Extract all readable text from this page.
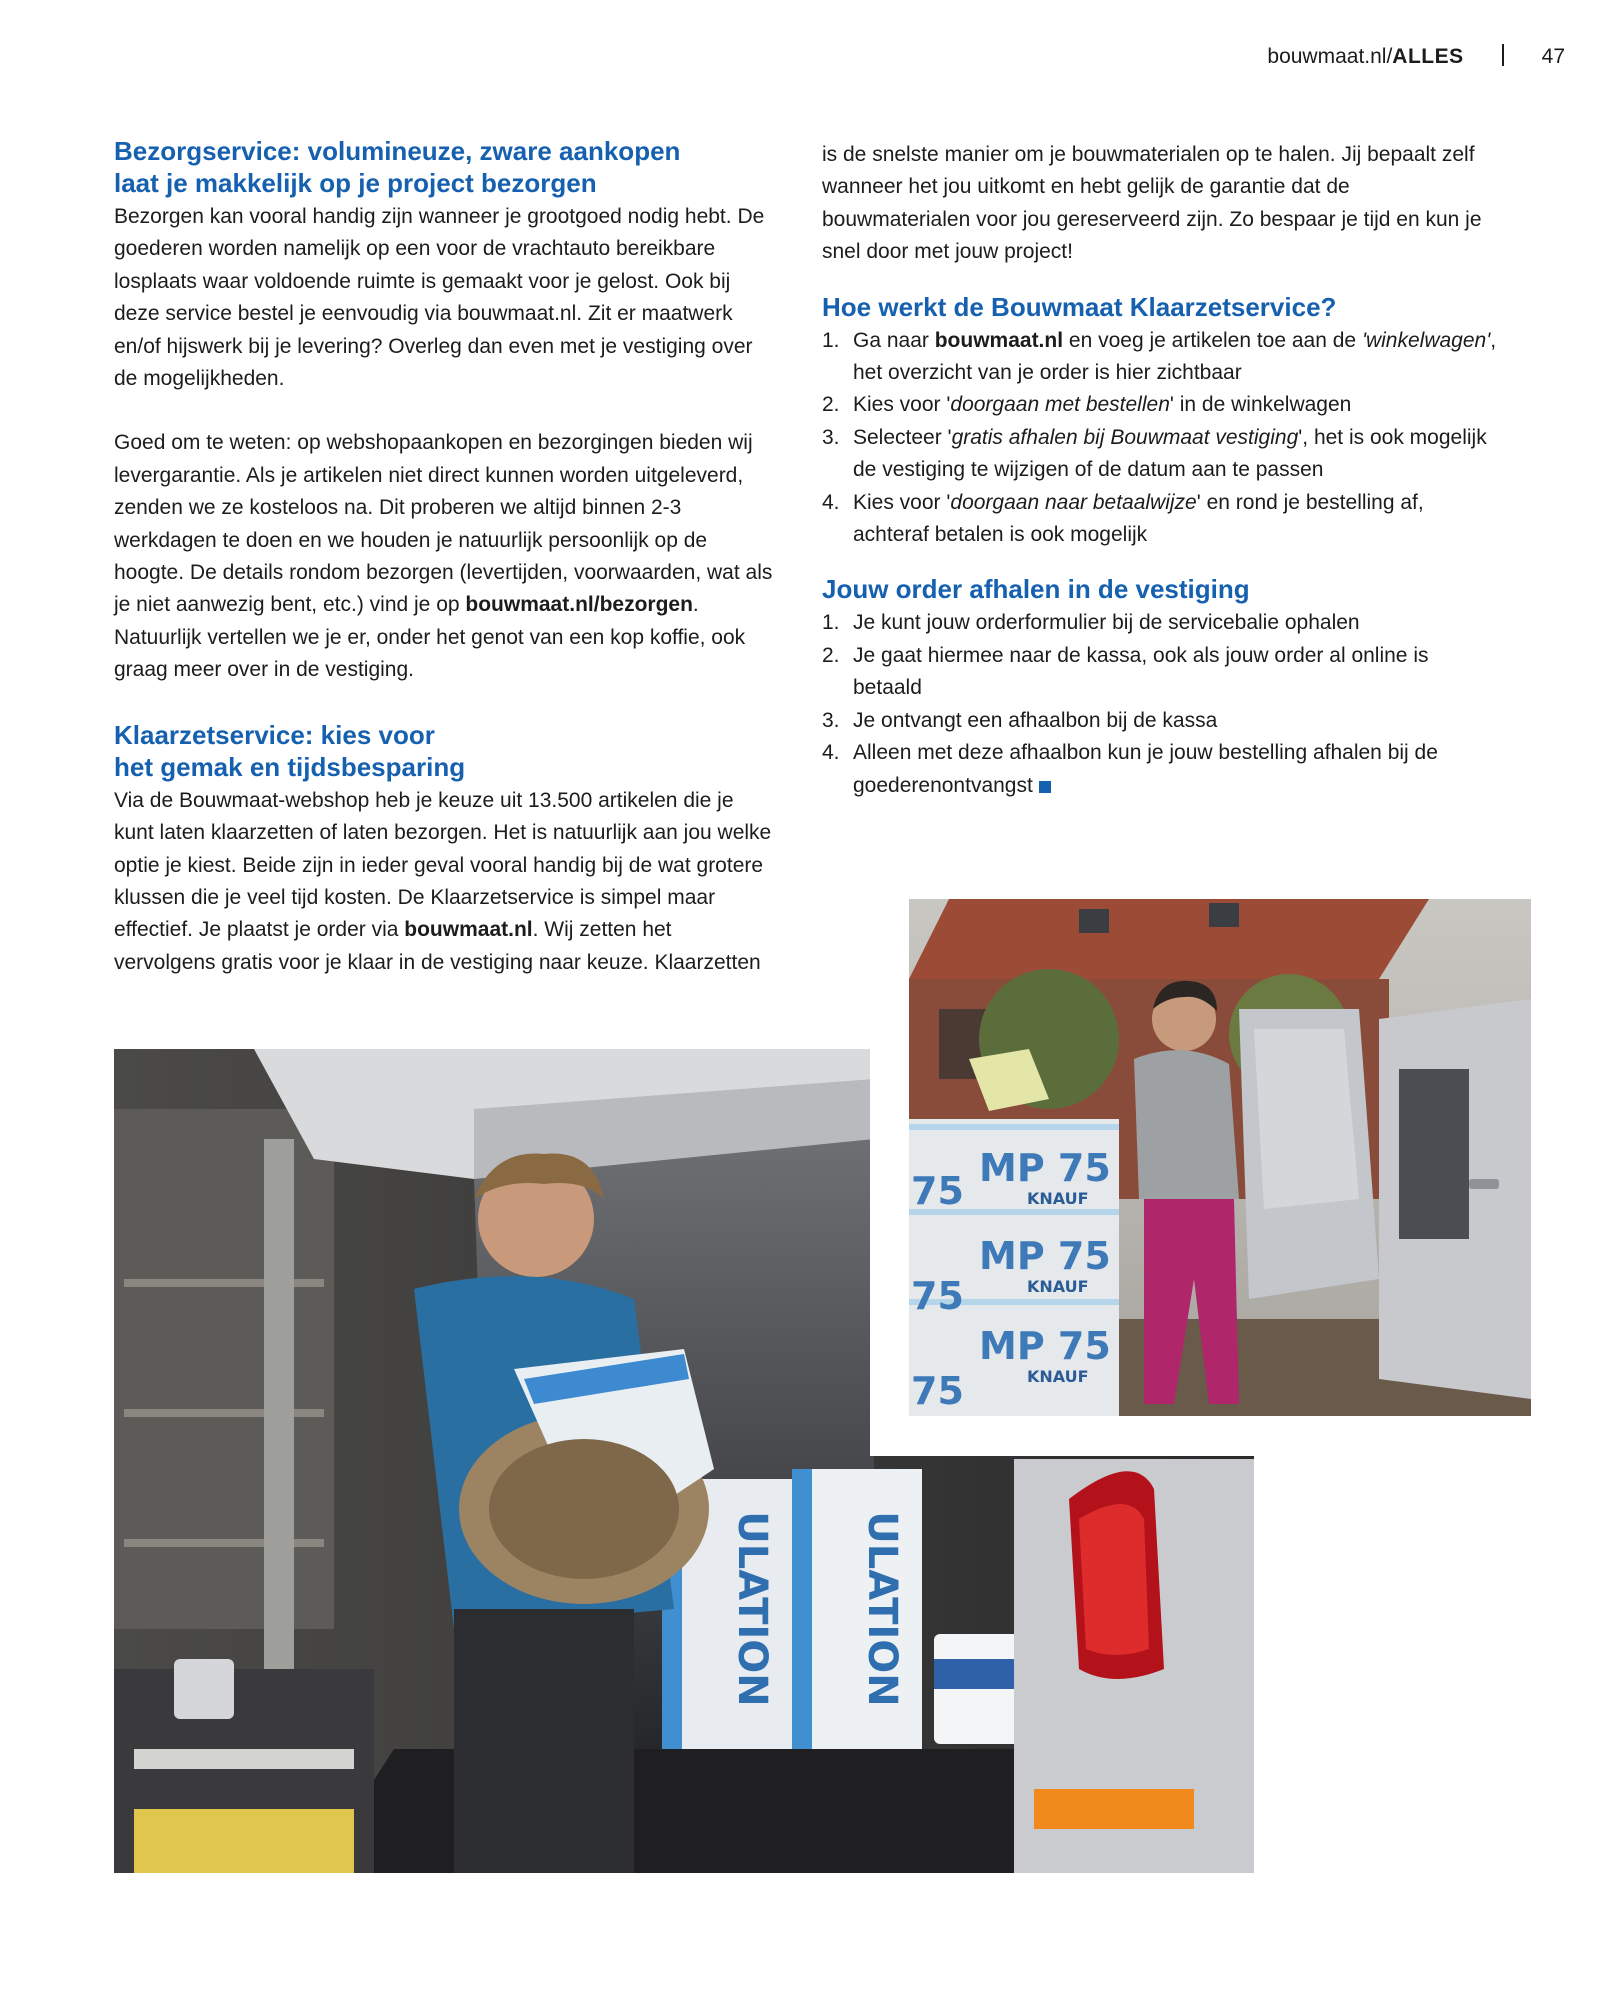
bouwmaat.nl/ALLES	47
Bezorgservice: volumineuze, zware aankopen
laat je makkelijk op je project bezorgen

Bezorgen kan vooral handig zijn wanneer je grootgoed nodig hebt. De goederen worden namelijk op een voor de vrachtauto bereikbare losplaats waar voldoende ruimte is gemaakt voor je gelost. Ook bij deze service bestel je eenvoudig via bouwmaat.nl. Zit er maatwerk en/of hijswerk bij je levering? Overleg dan even met je vestiging over de mogelijkheden.

Goed om te weten: op webshopaankopen en bezorgingen bieden wij levergarantie. Als je artikelen niet direct kunnen worden uitgeleverd, zenden we ze kosteloos na. Dit proberen we altijd binnen 2-3 werkdagen te doen en we houden je natuurlijk persoonlijk op de hoogte. De details rondom bezorgen (levertijden, voorwaarden, wat als je niet aanwezig bent, etc.) vind je op bouwmaat.nl/bezorgen. Natuurlijk vertellen we je er, onder het genot van een kop koffie, ook graag meer over in de vestiging.

Klaarzetservice: kies voor
het gemak en tijdsbesparing

Via de Bouwmaat-webshop heb je keuze uit 13.500 artikelen die je kunt laten klaarzetten of laten bezorgen. Het is natuurlijk aan jou welke optie je kiest. Beide zijn in ieder geval vooral handig bij de wat grotere klussen die je veel tijd kosten. De Klaarzetservice is simpel maar effectief. Je plaatst je order via bouwmaat.nl. Wij zetten het vervolgens gratis voor je klaar in de vestiging naar keuze. Klaarzetten

is de snelste manier om je bouwmaterialen op te halen. Jij bepaalt zelf wanneer het jou uitkomt en hebt gelijk de garantie dat de bouwmaterialen voor jou gereserveerd zijn. Zo bespaar je tijd en kun je snel door met jouw project!

Hoe werkt de Bouwmaat Klaarzetservice?
1. Ga naar bouwmaat.nl en voeg je artikelen toe aan de 'winkelwagen', het overzicht van je order is hier zichtbaar
2. Kies voor 'doorgaan met bestellen' in de winkelwagen
3. Selecteer 'gratis afhalen bij Bouwmaat vestiging', het is ook mogelijk de vestiging te wijzigen of de datum aan te passen
4. Kies voor 'doorgaan naar betaalwijze' en rond je bestelling af, achteraf betalen is ook mogelijk
Jouw order afhalen in de vestiging
1. Je kunt jouw orderformulier bij de servicebalie ophalen
2. Je gaat hiermee naar de kassa, ook als jouw order al online is betaald
3. Je ontvangt een afhaalbon bij de kassa
4. Alleen met deze afhaalbon kun je jouw bestelling afhalen bij de goederenontvangst
ULATION ULATION
MP 75
KNAUF
75
MP 75
KNAUF
75
MP 75
KNAUF
75
